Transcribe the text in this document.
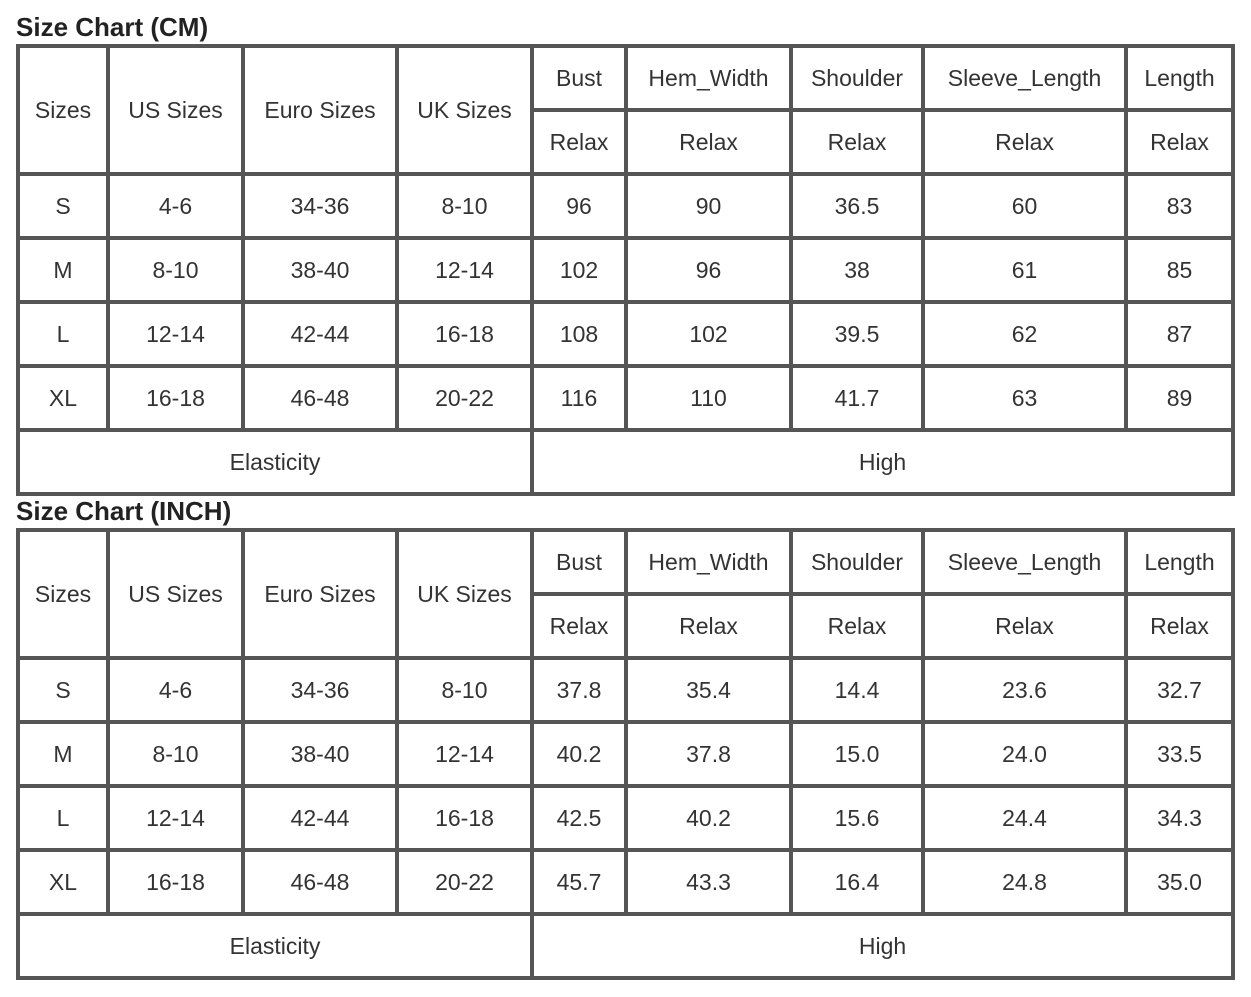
Size Chart (CM)
Sizes	US Sizes	Euro Sizes	UK Sizes	Bust	Hem_Width	Shoulder	Sleeve_Length	Length
				Relax	Relax	Relax	Relax	Relax
S	4-6	34-36	8-10	96	90	36.5	60	83
M	8-10	38-40	12-14	102	96	38	61	85
L	12-14	42-44	16-18	108	102	39.5	62	87
XL	16-18	46-48	20-22	116	110	41.7	63	89
Elasticity				High				
Size Chart (INCH)
Sizes	US Sizes	Euro Sizes	UK Sizes	Bust	Hem_Width	Shoulder	Sleeve_Length	Length
				Relax	Relax	Relax	Relax	Relax
S	4-6	34-36	8-10	37.8	35.4	14.4	23.6	32.7
M	8-10	38-40	12-14	40.2	37.8	15.0	24.0	33.5
L	12-14	42-44	16-18	42.5	40.2	15.6	24.4	34.3
XL	16-18	46-48	20-22	45.7	43.3	16.4	24.8	35.0
Elasticity				High				
